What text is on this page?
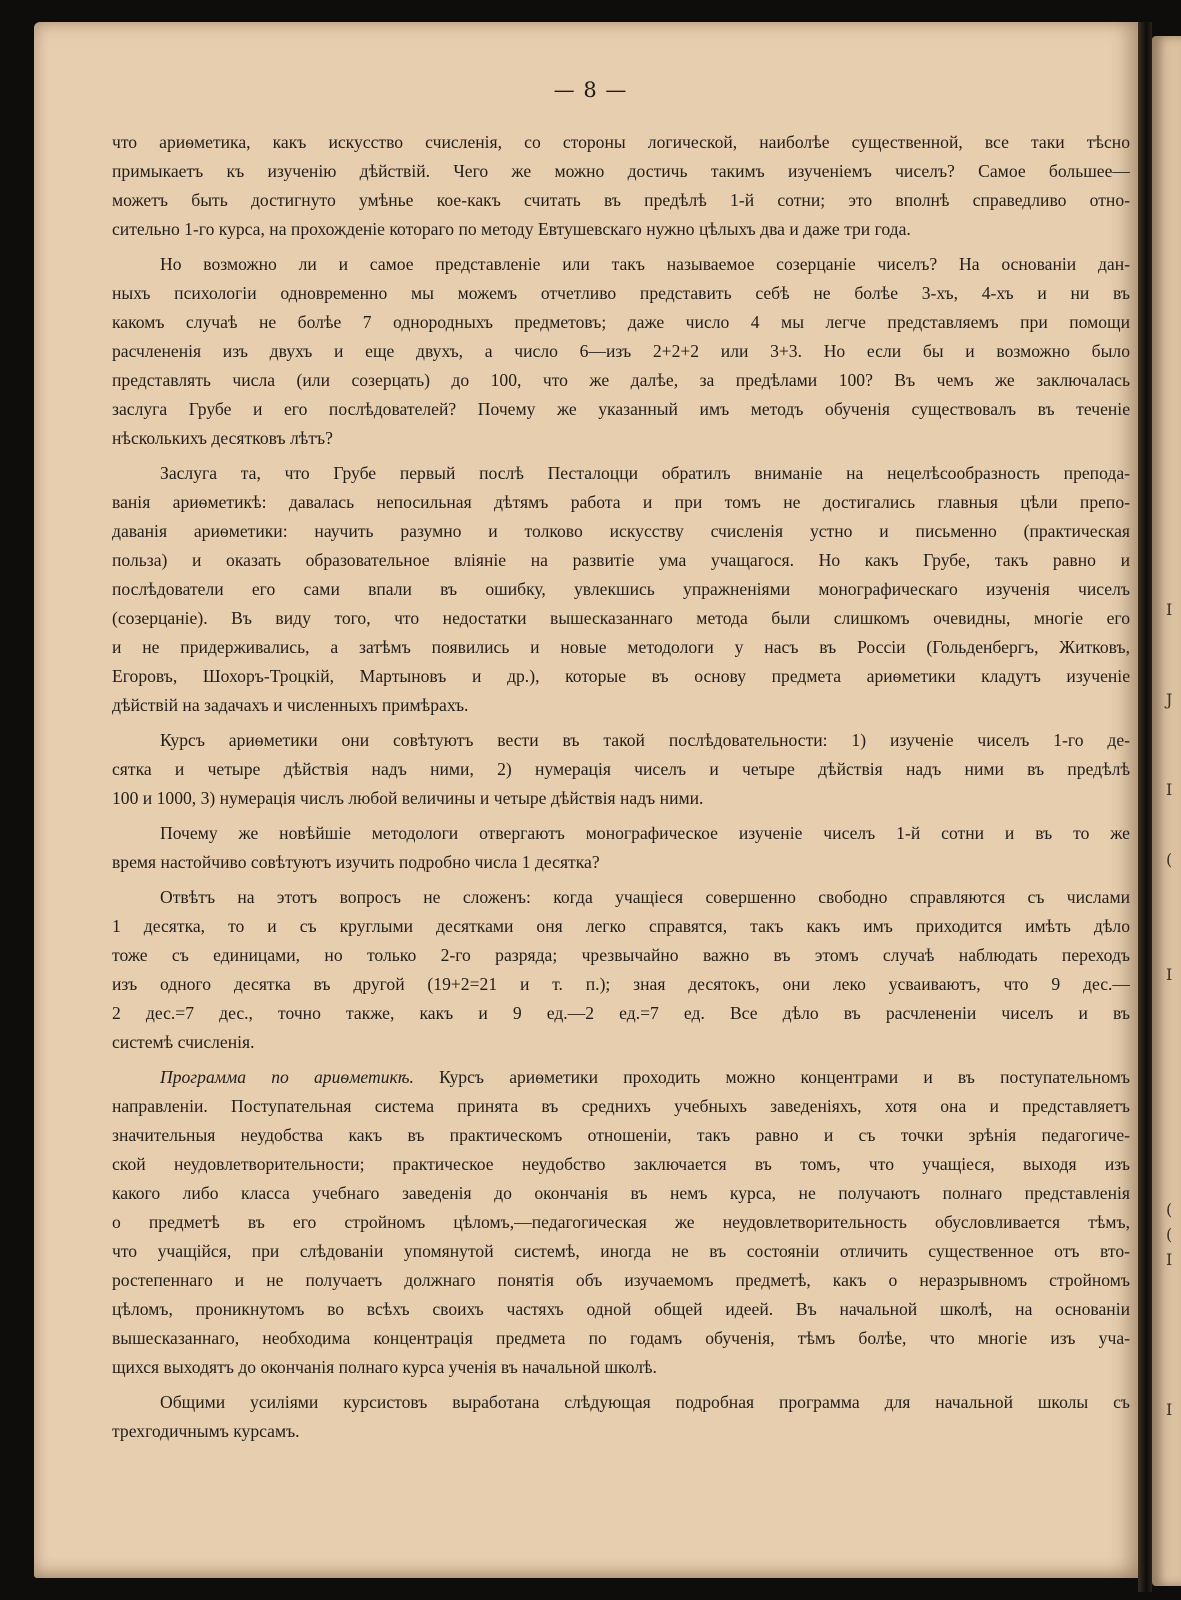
— 8 —
что ариѳметика, какъ искусство счисленія, со стороны логической, наиболѣе существенной, все таки тѣсно
примыкаетъ къ изученію дѣйствій. Чего же можно достичь такимъ изученіемъ чиселъ? Самое большее—
можетъ быть достигнуто умѣнье кое-какъ считать въ предѣлѣ 1-й сотни; это вполнѣ справедливо отно-
сительно 1-го курса, на прохожденіе котораго по методу Евтушевскаго нужно цѣлыхъ два и даже три года.
Но возможно ли и самое представленіе или такъ называемое созерцаніе чиселъ? На основаніи дан-
ныхъ психологіи одновременно мы можемъ отчетливо представить себѣ не болѣе 3-хъ, 4-хъ и ни въ
какомъ случаѣ не болѣе 7 однородныхъ предметовъ; даже число 4 мы легче представляемъ при помощи
расчлененія изъ двухъ и еще двухъ, а число 6—изъ 2+2+2 или 3+3. Но если бы и возможно было
представлять числа (или созерцать) до 100, что же далѣе, за предѣлами 100? Въ чемъ же заключалась
заслуга Грубе и его послѣдователей? Почему же указанный имъ методъ обученія существовалъ въ теченіе
нѣсколькихъ десятковъ лѣтъ?
Заслуга та, что Грубе первый послѣ Песталоцци обратилъ вниманіе на нецелѣсообразность препода-
ванія ариѳметикѣ: давалась непосильная дѣтямъ работа и при томъ не достигались главныя цѣли препо-
даванія ариѳметики: научить разумно и толково искусству счисленія устно и письменно (практическая
польза) и оказать образовательное вліяніе на развитіе ума учащагося. Но какъ Грубе, такъ равно и
послѣдователи его сами впали въ ошибку, увлекшись упражненіями монографическаго изученія чиселъ
(созерцаніе). Въ виду того, что недостатки вышесказаннаго метода были слишкомъ очевидны, многіе его
и не придерживались, а затѣмъ появились и новые методологи у насъ въ Россіи (Гольденбергъ, Житковъ,
Егоровъ, Шохоръ-Троцкій, Мартыновъ и др.), которые въ основу предмета ариѳметики кладутъ изученіе
дѣйствій на задачахъ и численныхъ примѣрахъ.
Курсъ ариѳметики они совѣтуютъ вести въ такой послѣдовательности: 1) изученіе чиселъ 1-го де-
сятка и четыре дѣйствія надъ ними, 2) нумерація чиселъ и четыре дѣйствія надъ ними въ предѣлѣ
100 и 1000, 3) нумерація числъ любой величины и четыре дѣйствія надъ ними.
Почему же новѣйшіе методологи отвергаютъ монографическое изученіе чиселъ 1-й сотни и въ то же
время настойчиво совѣтуютъ изучить подробно числа 1 десятка?
Отвѣтъ на этотъ вопросъ не сложенъ: когда учащіеся совершенно свободно справляются съ числами
1 десятка, то и съ круглыми десятками оня легко справятся, такъ какъ имъ приходится имѣть дѣло
тоже съ единицами, но только 2-го разряда; чрезвычайно важно въ этомъ случаѣ наблюдать переходъ
изъ одного десятка въ другой (19+2=21 и т. п.); зная десятокъ, они леко усваиваютъ, что 9 дес.—
2 дес.=7 дес., точно также, какъ и 9 ед.—2 ед.=7 ед. Все дѣло въ расчлененіи чиселъ и въ
системѣ счисленія.
Программа по ариѳметикѣ. Курсъ ариѳметики проходить можно концентрами и въ поступательномъ
направленіи. Поступательная система принята въ среднихъ учебныхъ заведеніяхъ, хотя она и представляетъ
значительныя неудобства какъ въ практическомъ отношеніи, такъ равно и съ точки зрѣнія педагогиче-
ской неудовлетворительности; практическое неудобство заключается въ томъ, что учащіеся, выходя изъ
какого либо класса учебнаго заведенія до окончанія въ немъ курса, не получаютъ полнаго представленія
о предметѣ въ его стройномъ цѣломъ,—педагогическая же неудовлетворительность обусловливается тѣмъ,
что учащійся, при слѣдованіи упомянутой системѣ, иногда не въ состояніи отличить существенное отъ вто-
ростепеннаго и не получаетъ должнаго понятія объ изучаемомъ предметѣ, какъ о неразрывномъ стройномъ
цѣломъ, проникнутомъ во всѣхъ своихъ частяхъ одной общей идеей. Въ начальной школѣ, на основаніи
вышесказаннаго, необходима концентрація предмета по годамъ обученія, тѣмъ болѣе, что многіе изъ уча-
щихся выходятъ до окончанія полнаго курса ученія въ начальной школѣ.
Общими усиліями курсистовъ выработана слѣдующая подробная программа для начальной школы съ
трехгодичнымъ курсамъ.
I
J
I
(
I
(
(
I
I
